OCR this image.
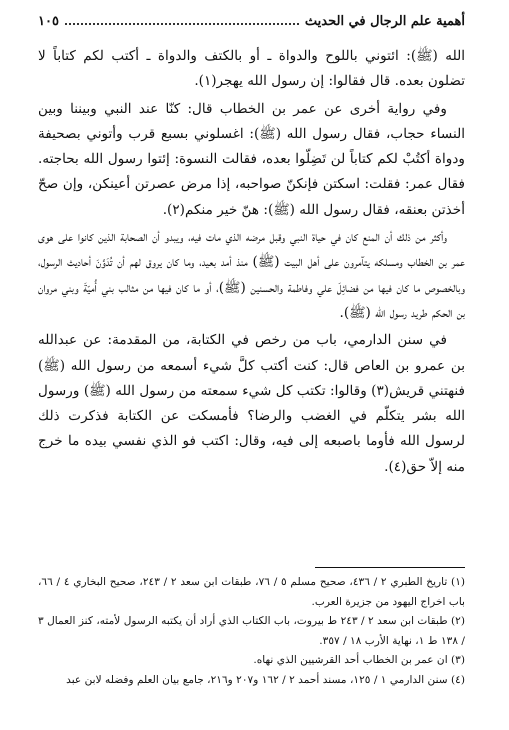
أهمية علم الرجال في الحديث
١٠٥

الله (ﷺ): ائتوني باللوح والدواة ـ أو بالكتف والدواة ـ أكتب لكم كتاباً لا تضلون بعده. قال فقالوا: إن رسول الله يهجر(١).

وفي رواية أخرى عن عمر بن الخطاب قال: كنّا عند النبي وبيننا وبين النساء حجاب، فقال رسول الله (ﷺ): اغسلوني بسبع قرب وأتوني بصحيفة ودواة أكتُبْ لكم كتاباً لن تَضِلّوا بعده، فقالت النسوة: إئتوا رسول الله بحاجته. فقال عمر: فقلت: اسكتن فإنكنّ صواحبه، إذا مرض عصرتن أعينكن، وإن صحّ أخذتن بعنقه، فقال رسول الله (ﷺ): هنّ خير منكم(٢).

وأكثر من ذلك أن المنع كان في حياة النبي وقبل مرضه الذي مات فيه، ويبدو أن الصحابة الذين كانوا على هوى عمر بن الخطاب ومسلكه يتآمرون على أهل البيت (ﷺ) منذ أمد بعيد، وما كان يروق لهم أن تُدَوَّنَ أحاديث الرسول، وبالخصوص ما كان فيها من فضائِلَ علي وفاطمة والحسنين (ﷺ)، أو ما كان فيها من مثالب بني أُميّةَ وبني مروان بن الحكم طريد رسول الله (ﷺ).

في سنن الدارمي، باب من رخص في الكتابة، من المقدمة: عن عبدالله بن عمرو بن العاص قال: كنت أكتب كلَّ شيء أسمعه من رسول الله (ﷺ) فنهتني قريش(٣) وقالوا: تكتب كل شيء سمعته من رسول الله (ﷺ) ورسول الله بشر يتكلّم في الغضب والرضا؟ فأمسكت عن الكتابة فذكرت ذلك لرسول الله فأوما باصبعه إلى فيه، وقال: اكتب فو الذي نفسي بيده ما خرج منه إلاّ حق(٤).

(١) تاريخ الطبري ٢ / ٤٣٦، صحيح مسلم ٥ / ٧٦، طبقات ابن سعد ٢ / ٢٤٣، صحيح البخاري ٤ / ٦٦، باب اخراج اليهود من جزيرة العرب.

(٢) طبقات ابن سعد ٢ / ٢٤٣ ط بيروت، باب الكتاب الذي أراد أن يكتبه الرسول لأمته، كنز العمال ٣ / ١٣٨ ط ١، نهاية الأرب ١٨ / ٣٥٧.

(٣) ان عمر بن الخطاب أحد القرشيين الذي نهاه.

(٤) سنن الدارمي ١ / ١٢٥، مسند أحمد ٢ / ١٦٢ و٢٠٧ و٢١٦، جامع بيان العلم وفضله لابن عبد
